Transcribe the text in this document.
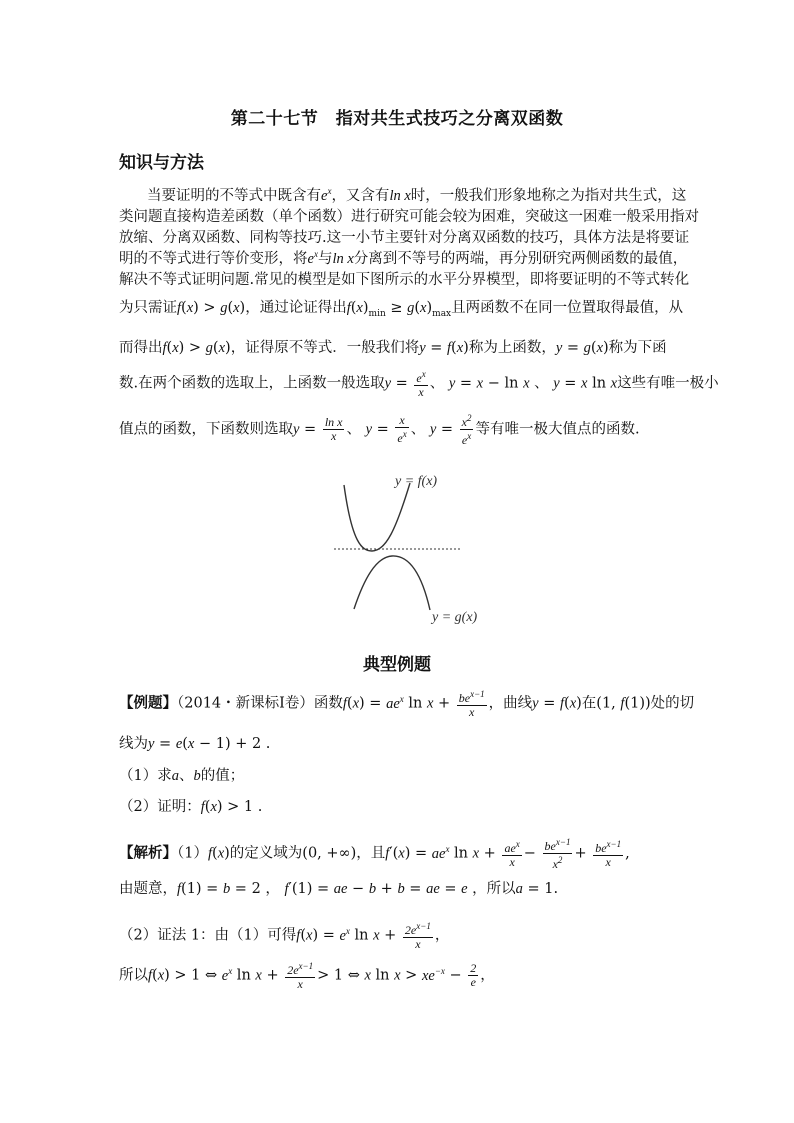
第二十七节　指对共生式技巧之分离双函数
知识与方法
当要证明的不等式中既含有$e^x$，又含有ln x时，一般我们形象地称之为指对共生式，这
类问题直接构造差函数（单个函数）进行研究可能会较为困难，突破这一困难一般采用指对
放缩、分离双函数、同构等技巧.这一小节主要针对分离双函数的技巧，具体方法是将要证
明的不等式进行等价变形，将$e^x$与ln x分离到不等号的两端，再分别研究两侧函数的最值，
解决不等式证明问题.常见的模型是如下图所示的水平分界模型，即将要证明的不等式转化
为只需证f(x) > g(x)，通过论证得出$f(x)_{min} \ge g(x)_{max}$且两函数不在同一位置取得最值，从
而得出f(x) > g(x)，证得原不等式．一般我们将y = f(x)称为上函数，y = g(x)称为下函
数.在两个函数的选取上，上函数一般选取$y = \frac{e^x}{x}$ 、 y = x − ln x 、 y = x ln x这些有唯一极小
值点的函数，下函数则选取$y = \frac{\text{ln x}}{x}$ 、 $y = \frac{x}{e^x}$ 、 $y = \frac{x^2}{e^x}$ 等有唯一极大值点的函数.
y = f(x)
y = g(x)
典型例题
【例题】（2014・新课标Ⅰ卷）函数$f(x) = ae^x$ $\ln x + \frac{be^{x-1}}{x}$ ，曲线y = f(x)在(1, f(1))处的切
线为y = e(x − 1) + 2 .
（1）求a、b的值；
（2）证明：f(x) > 1 .
【解析】（1）f(x)的定义域为(0, +∞)，且$f'(x) = ae^x$ $\ln x + \frac{ae^x}{x} - \frac{be^{x-1}}{x^2} + \frac{be^{x-1}}{x}$ ,
由题意，f(1) = b = 2 ， f′(1) = ae − b + b = ae = e ，所以a = 1.
（2）证法 1：由（1）可得$f(x) = e^x$ $\ln x + \frac{2e^{x-1}}{x}$ ，
所以f(x) > 1 ⇔ $e^x$ $\ln x + \frac{2e^{x-1}}{x} > 1$ ⇔ x $\ln x > xe^{-x} - \frac{2}{e}$ ，
